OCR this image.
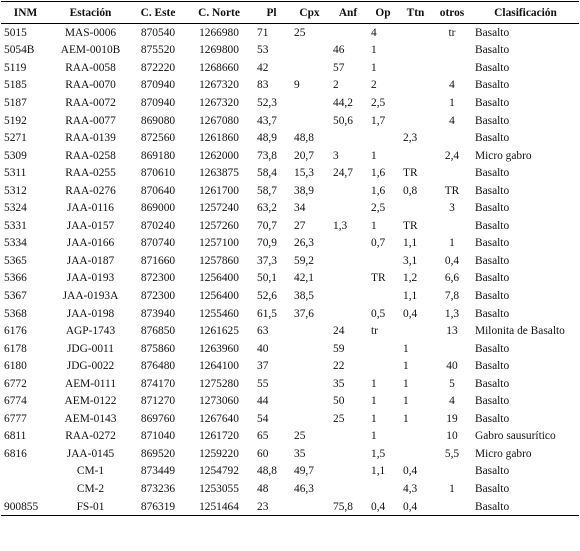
INM	Estación	C. Este	C. Norte	Pl	Cpx	Anf	Op	Ttn	otros	Clasificación
5015	MAS-0006	870540	1266980	71	25		4		tr	Basalto
5054B	AEM-0010B	875520	1269800	53		46	1			Basalto
5119	RAA-0058	872220	1268660	42		57	1			Basalto
5185	RAA-0070	870940	1267320	83	9	2	2		4	Basalto
5187	RAA-0072	870940	1267320	52,3		44,2	2,5		1	Basalto
5192	RAA-0077	869080	1267080	43,7		50,6	1,7		4	Basalto
5271	RAA-0139	872560	1261860	48,9	48,8			2,3		Basalto
5309	RAA-0258	869180	1262000	73,8	20,7	3	1		2,4	Micro gabro
5311	RAA-0255	870610	1263875	58,4	15,3	24,7	1,6	TR		Basalto
5312	RAA-0276	870640	1261700	58,7	38,9		1,6	0,8	TR	Basalto
5324	JAA-0116	869000	1257240	63,2	34		2,5		3	Basalto
5331	JAA-0157	870240	1257260	70,7	27	1,3	1	TR		Basalto
5334	JAA-0166	870740	1257100	70,9	26,3		0,7	1,1	1	Basalto
5365	JAA-0187	871660	1257860	37,3	59,2			3,1	0,4	Basalto
5366	JAA-0193	872300	1256400	50,1	42,1		TR	1,2	6,6	Basalto
5367	JAA-0193A	872300	1256400	52,6	38,5			1,1	7,8	Basalto
5368	JAA-0198	873940	1255460	61,5	37,6		0,5	0,4	1,3	Basalto
6176	AGP-1743	876850	1261625	63		24	tr		13	Milonita de Basalto
6178	JDG-0011	875860	1263960	40		59		1		Basalto
6180	JDG-0022	876480	1264100	37		22		1	40	Basalto
6772	AEM-0111	874170	1275280	55		35	1	1	5	Basalto
6774	AEM-0122	871270	1273060	44		50	1	1	4	Basalto
6777	AEM-0143	869760	1267640	54		25	1	1	19	Basalto
6811	RAA-0272	871040	1261720	65	25		1		10	Gabro sausurítico
6816	JAA-0145	869520	1259220	60	35		1,5		5,5	Micro gabro
	CM-1	873449	1254792	48,8	49,7		1,1	0,4		Basalto
	CM-2	873236	1253055	48	46,3			4,3	1	Basalto
900855	FS-01	876319	1251464	23		75,8	0,4	0,4		Basalto
